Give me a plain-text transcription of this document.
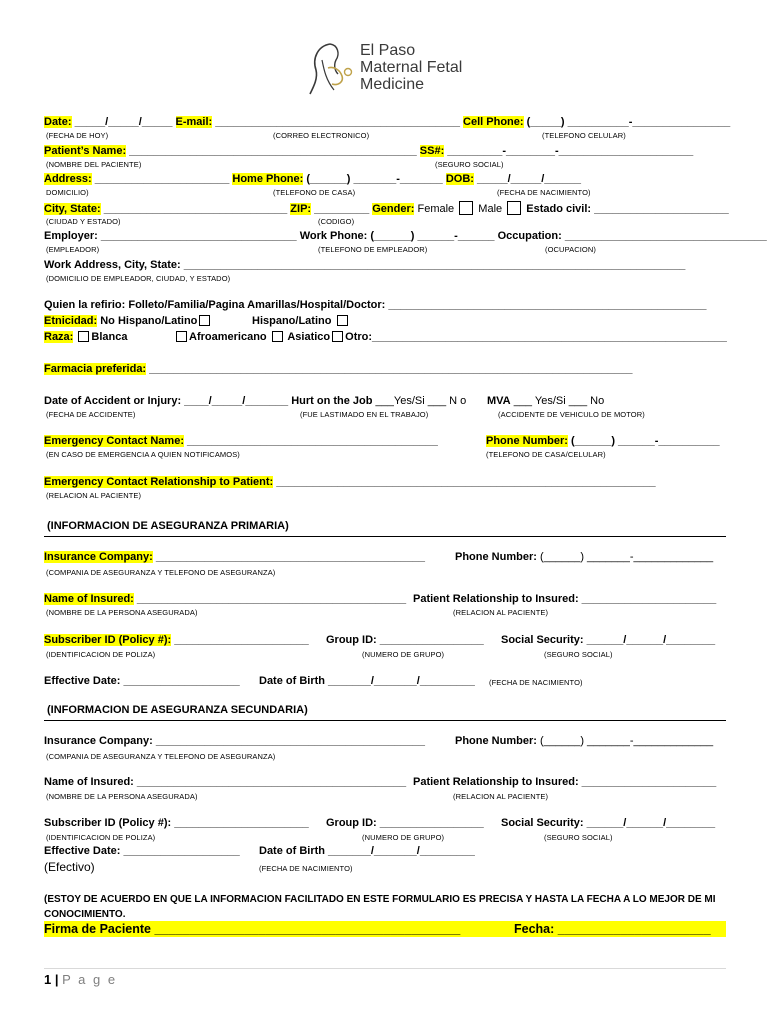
El Paso
Maternal Fetal
Medicine
Date: _____/_____/_____ E-mail: ________________________________________ Cell Phone: (_____) __________-________________
(FECHA DE HOY)	(CORREO ELECTRONICO)	(TELEFONO CELULAR)
Patient’s Name: _______________________________________________ SS#: _________-________-______________________
(NOMBRE DEL PACIENTE)	(SEGURO SOCIAL)
Address: ______________________ Home Phone: (______) _______-_______ DOB: _____/_____/______
DOMICILIO)	(TELEFONO DE CASA)	(FECHA DE NACIMIENTO)
City, State: ______________________________ ZIP: _________ Gender: Female  Male Estado civil: ______________________
(CIUDAD Y ESTADO)	(CODIGO)
Employer: ________________________________ Work Phone: (______) ______-______ Occupation: _________________________________
(EMPLEADOR)	(TELEFONO DE EMPLEADOR)	(OCUPACION)
Work Address, City, State: __________________________________________________________________________________
(DOMICILIO DE EMPLEADOR, CIUDAD, Y ESTADO)
Quien la refirio: Folleto/Familia/Pagina Amarillas/Hospital/Doctor: ____________________________________________________
Etnicidad: No Hispano/Latino	Hispano/Latino
Raza: Blanca	Afroamericano  Asiatico Otro:__________________________________________________________
Farmacia preferida: _______________________________________________________________________________
Date of Accident or Injury: ____/_____/_______ Hurt on the Job ___Yes/Si ___ N o MVA ___ Yes/Si ___ No
(FECHA DE ACCIDENTE)	(FUE LASTIMADO EN EL TRABAJO)	(ACCIDENTE DE VEHICULO DE MOTOR)
Emergency Contact Name: _________________________________________	Phone Number: (______) ______-__________
(EN CASO DE EMERGENCIA A QUIEN NOTIFICAMOS)	(TELEFONO DE CASA/CELULAR)
Emergency Contact Relationship to Patient: ______________________________________________________________
(RELACION AL PACIENTE)
(INFORMACION DE ASEGURANZA PRIMARIA)
Insurance Company: ____________________________________________	Phone Number: (______) _______-_____________
(COMPANIA DE ASEGURANZA Y TELEFONO DE ASEGURANZA)
Name of Insured: ____________________________________________ Patient Relationship to Insured: ______________________
(NOMBRE DE LA PERSONA ASEGURADA)	(RELACION AL PACIENTE)
Subscriber ID (Policy #): ______________________ Group ID: _________________ Social Security: ______/______/________
(IDENTIFICACION DE POLIZA)	(NUMERO DE GRUPO)	(SEGURO SOCIAL)
Effective Date: ___________________ Date of Birth _______/_______/_________ (FECHA DE NACIMIENTO)
(INFORMACION DE ASEGURANZA SECUNDARIA)
Insurance Company: ____________________________________________	Phone Number: (______) _______-_____________
(COMPANIA DE ASEGURANZA Y TELEFONO DE ASEGURANZA)
Name of Insured: ____________________________________________ Patient Relationship to Insured: ______________________
(NOMBRE DE LA PERSONA ASEGURADA)	(RELACION AL PACIENTE)
Subscriber ID (Policy #): ______________________ Group ID: _________________ Social Security: ______/______/________
(IDENTIFICACION DE POLIZA)	(NUMERO DE GRUPO)	(SEGURO SOCIAL)
Effective Date: ___________________ Date of Birth _______/_______/_________
(Efectivo)	(FECHA DE NACIMIENTO)
(ESTOY DE ACUERDO EN QUE LA INFORMACION FACILITADO EN ESTE FORMULARIO ES PRECISA Y HASTA LA FECHA A LO MEJOR DE MI
CONOCIMIENTO.
Firma de Paciente ____________________________________________	Fecha: ______________________
1 | P a g e
